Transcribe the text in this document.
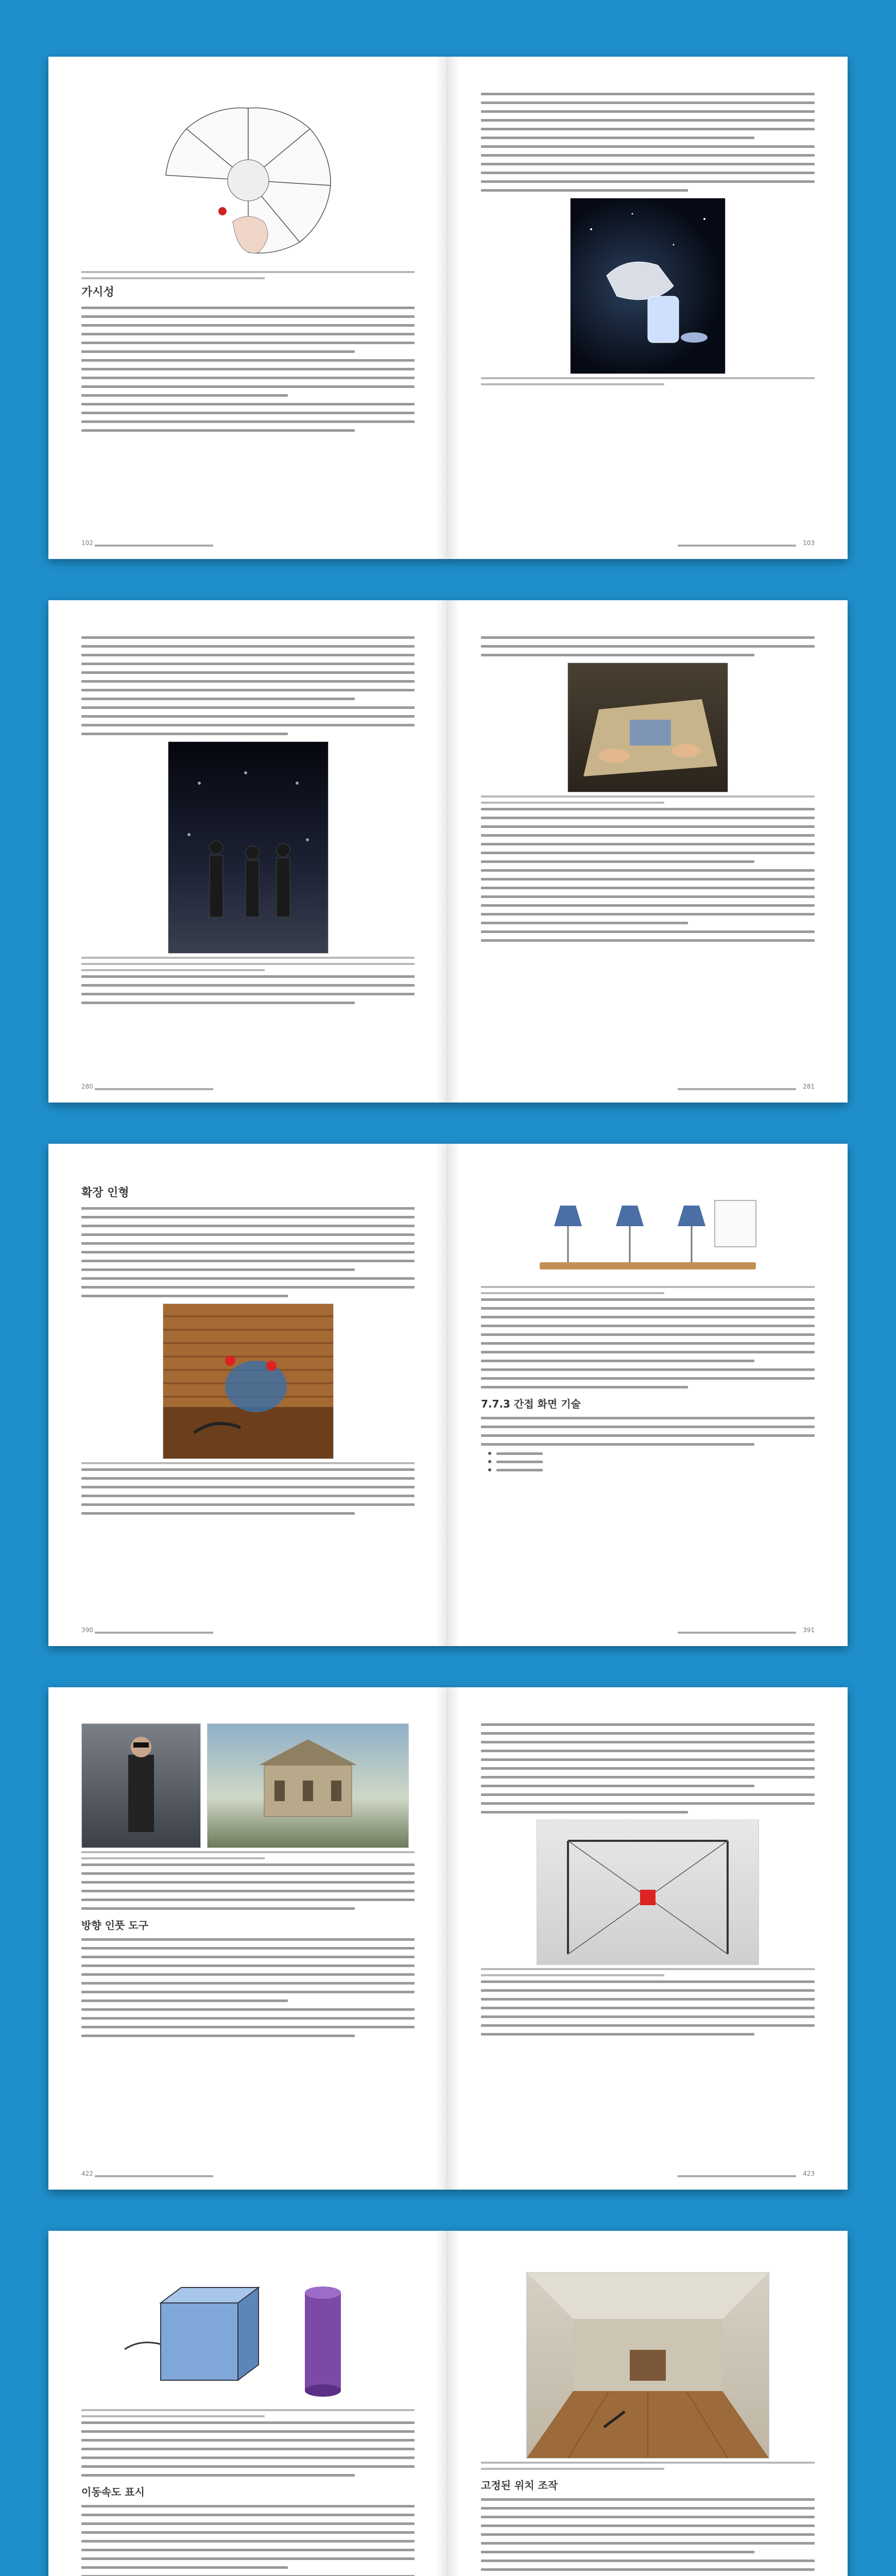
가시성
102	103
280	281
확장 인형
390
7.7.3 간접 화면 기술
391
방향 인풋 도구
422	423
이동속도 표시
고정된 위치 조작
